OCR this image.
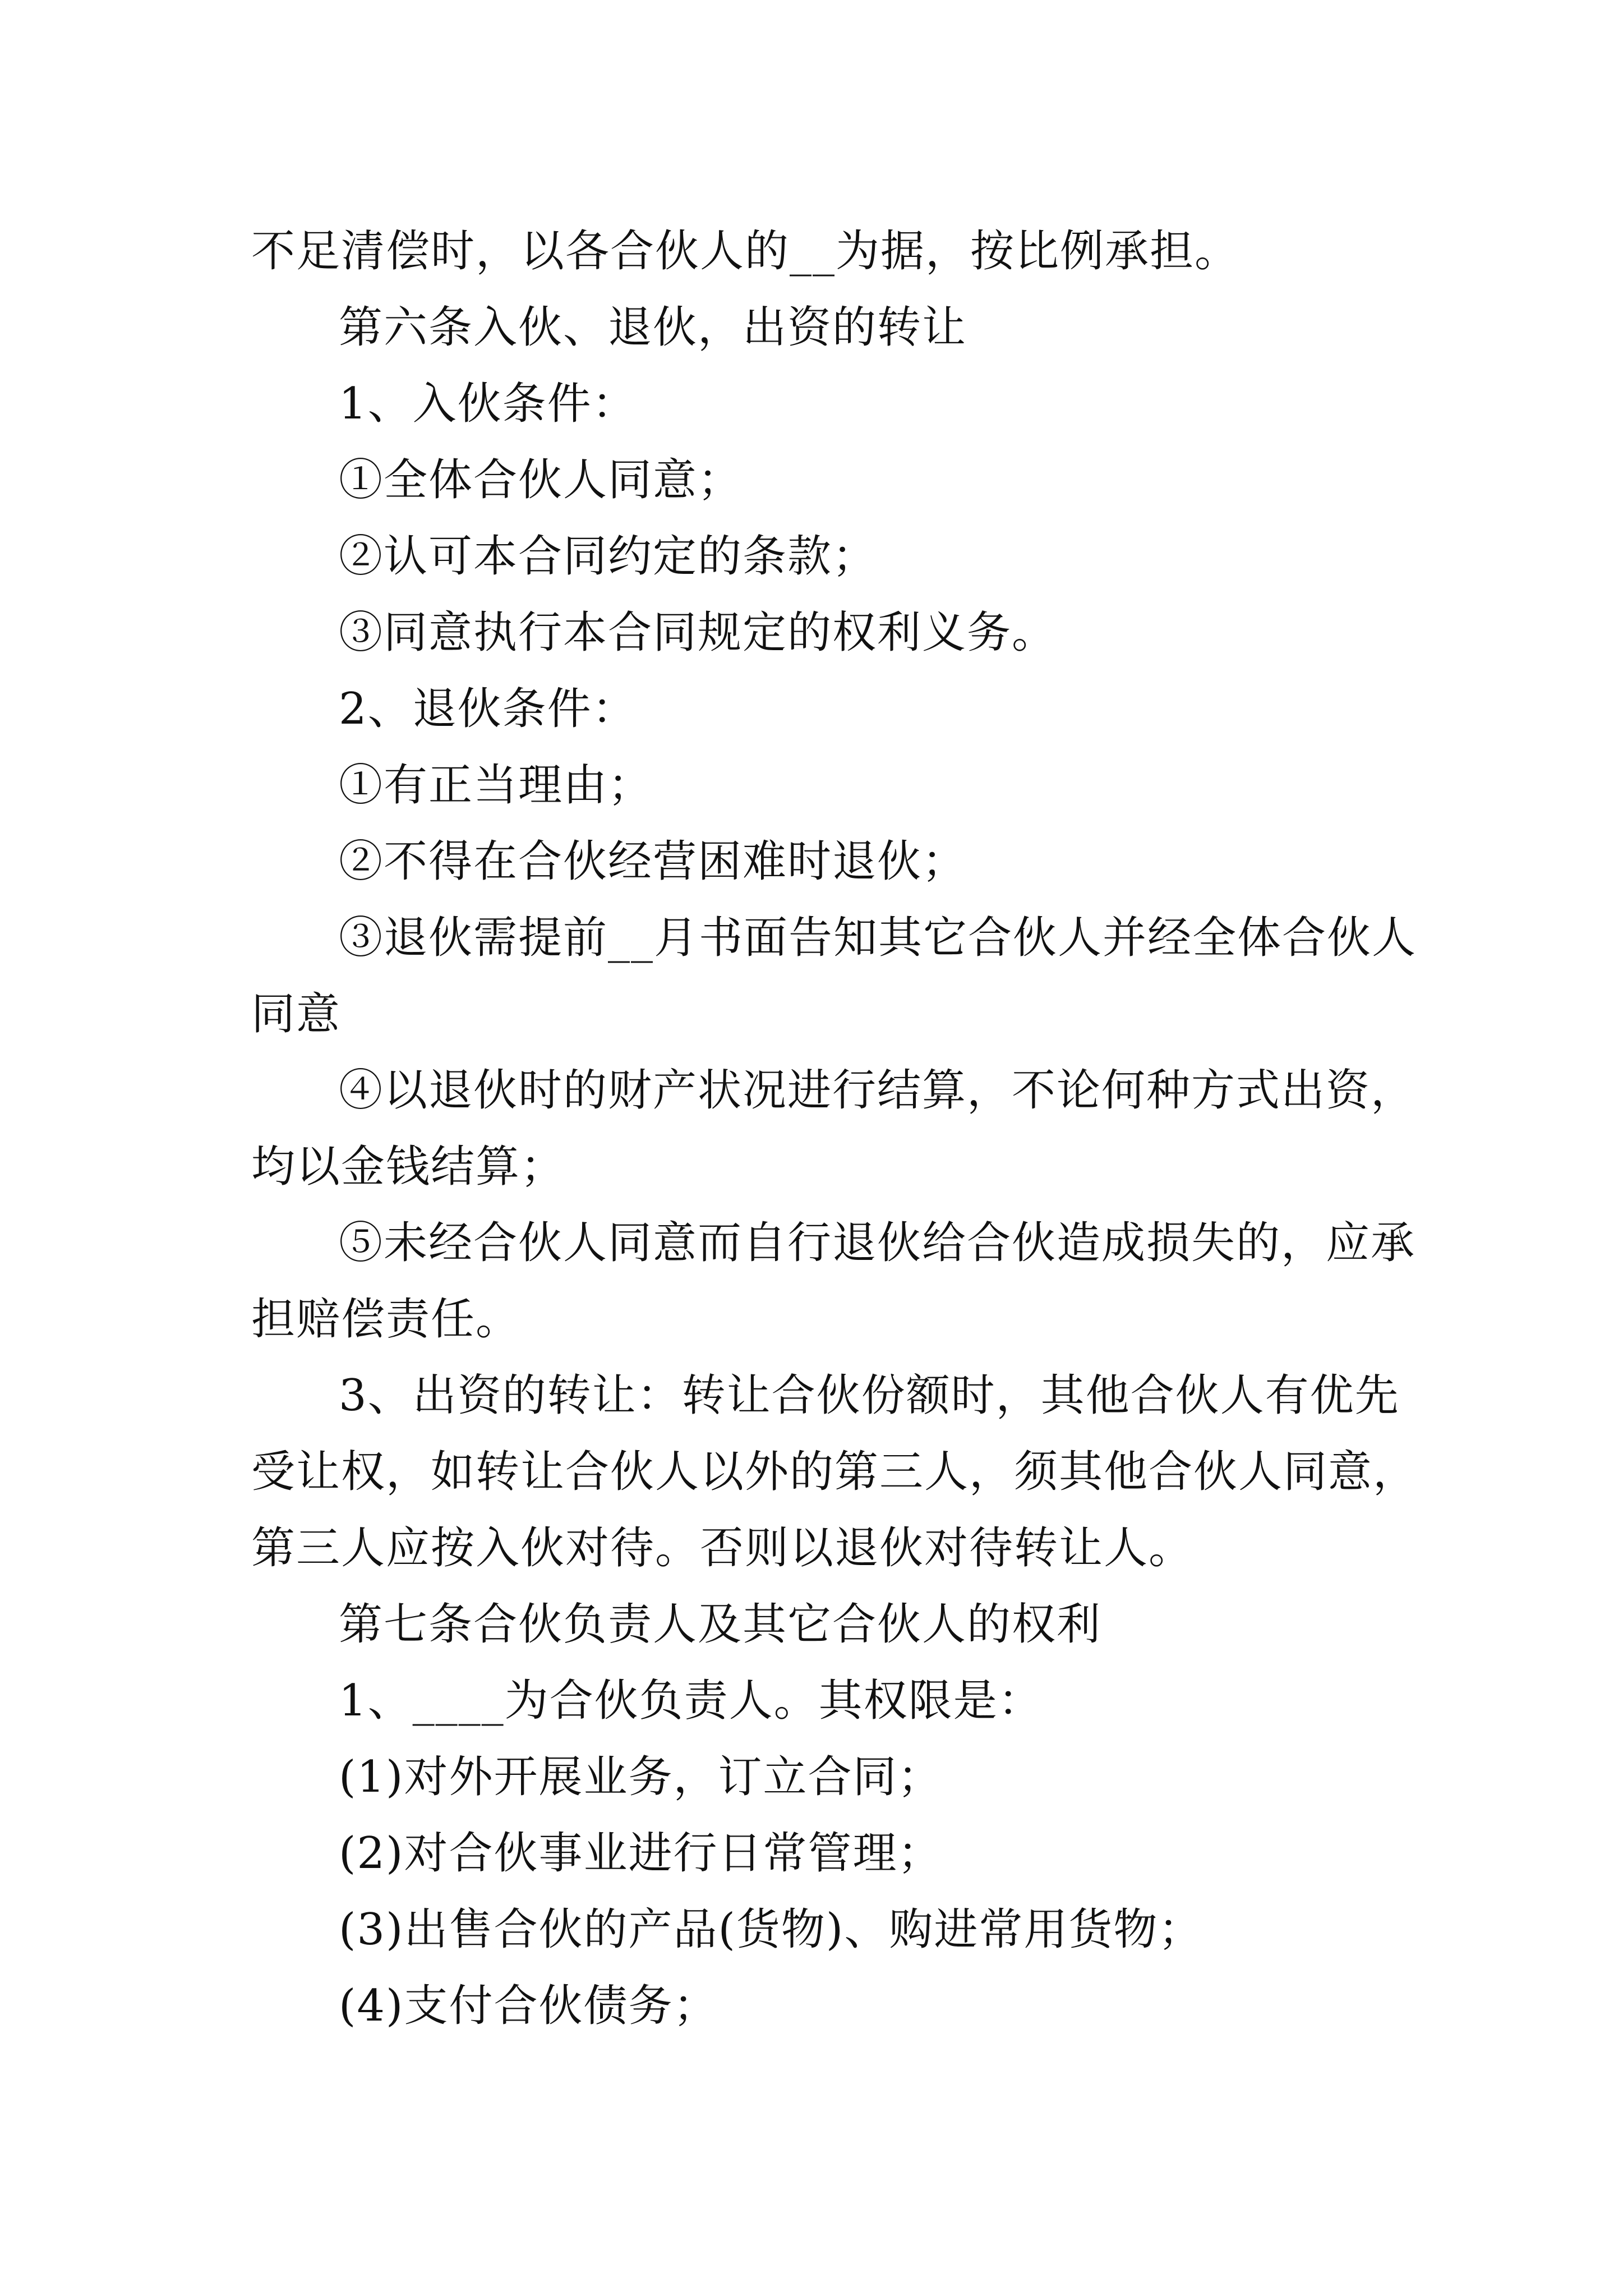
不足清偿时，以各合伙人的__为据，按比例承担。

第六条入伙、退伙，出资的转让

1、入伙条件：

①全体合伙人同意；

②认可本合同约定的条款；

③同意执行本合同规定的权利义务。

2、退伙条件：

①有正当理由；

②不得在合伙经营困难时退伙；

③退伙需提前__月书面告知其它合伙人并经全体合伙人同意

④以退伙时的财产状况进行结算，不论何种方式出资，均以金钱结算；

⑤未经合伙人同意而自行退伙给合伙造成损失的，应承担赔偿责任。

3、出资的转让：转让合伙份额时，其他合伙人有优先受让权，如转让合伙人以外的第三人，须其他合伙人同意，第三人应按入伙对待。否则以退伙对待转让人。

第七条合伙负责人及其它合伙人的权利

1、____为合伙负责人。其权限是：

(1)对外开展业务，订立合同；

(2)对合伙事业进行日常管理；

(3)出售合伙的产品(货物)、购进常用货物；

(4)支付合伙债务；
